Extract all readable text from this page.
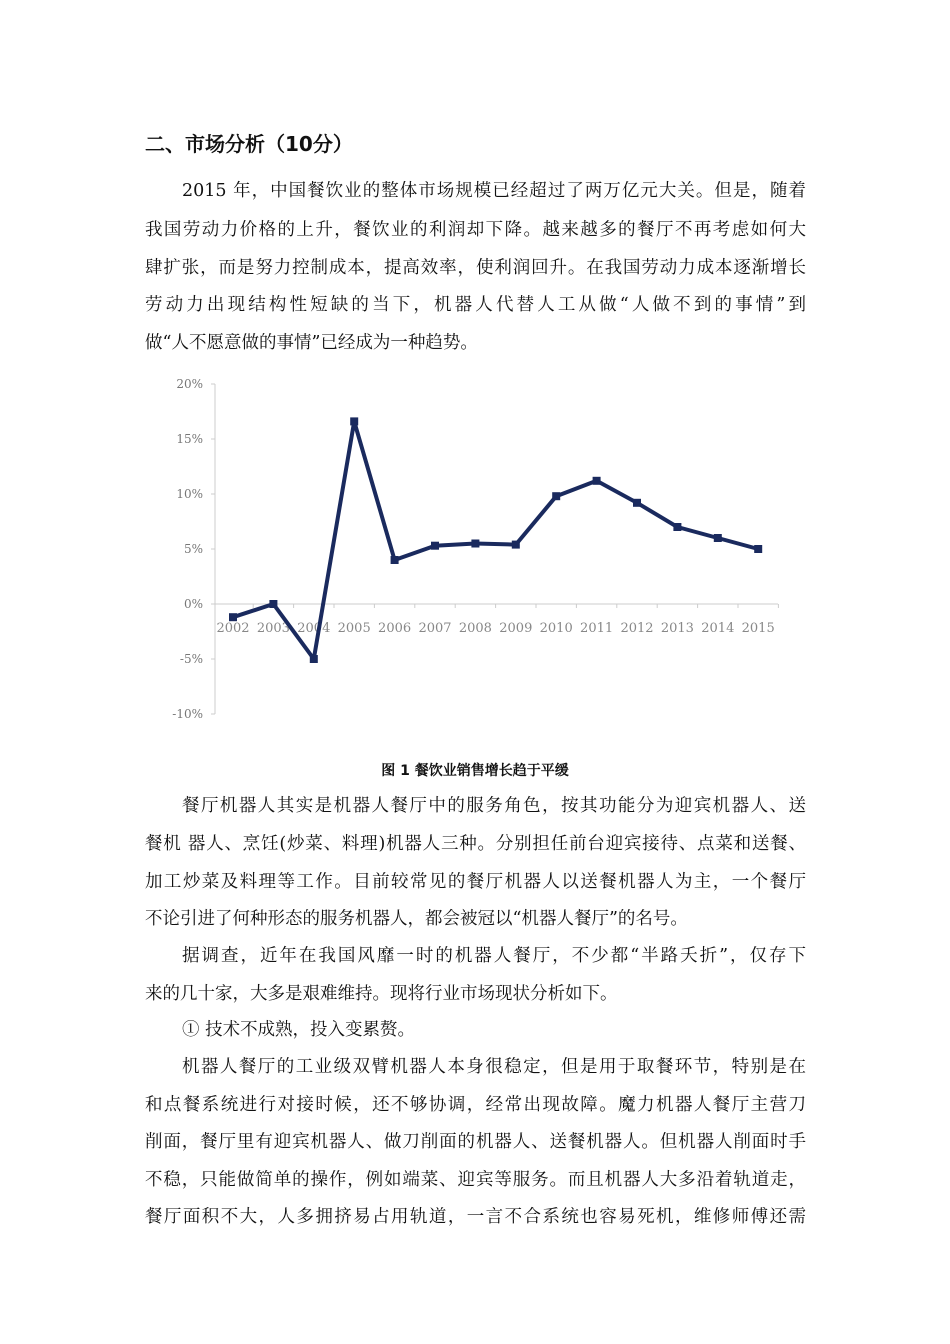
二、市场分析（10分）
2015 年，中国餐饮业的整体市场规模已经超过了两万亿元大关。但是，随着
我国劳动力价格的上升，餐饮业的利润却下降。越来越多的餐厅不再考虑如何大
肆扩张，而是努力控制成本，提高效率，使利润回升。在我国劳动力成本逐渐增长
劳动力出现结构性短缺的当下，机器人代替人工从做“人做不到的事情”到
做“人不愿意做的事情”已经成为一种趋势。
20%
15%
10%
5%
0%
-5%
-10%
2002 2003 2004 2005 2006 2007 2008 2009 2010 2011 2012 2013 2014 2015
图 1 餐饮业销售增长趋于平缓
餐厅机器人其实是机器人餐厅中的服务角色，按其功能分为迎宾机器人、送
餐机 器人、烹饪(炒菜、料理)机器人三种。分别担任前台迎宾接待、点菜和送餐、
加工炒菜及料理等工作。目前较常见的餐厅机器人以送餐机器人为主，一个餐厅
不论引进了何种形态的服务机器人，都会被冠以“机器人餐厅”的名号。
据调查，近年在我国风靡一时的机器人餐厅，不少都“半路夭折”，仅存下
来的几十家，大多是艰难维持。现将行业市场现状分析如下。
① 技术不成熟，投入变累赘。
机器人餐厅的工业级双臂机器人本身很稳定，但是用于取餐环节，特别是在
和点餐系统进行对接时候，还不够协调，经常出现故障。魔力机器人餐厅主营刀
削面，餐厅里有迎宾机器人、做刀削面的机器人、送餐机器人。但机器人削面时手
不稳，只能做简单的操作，例如端菜、迎宾等服务。而且机器人大多沿着轨道走，
餐厅面积不大，人多拥挤易占用轨道，一言不合系统也容易死机，维修师傅还需
